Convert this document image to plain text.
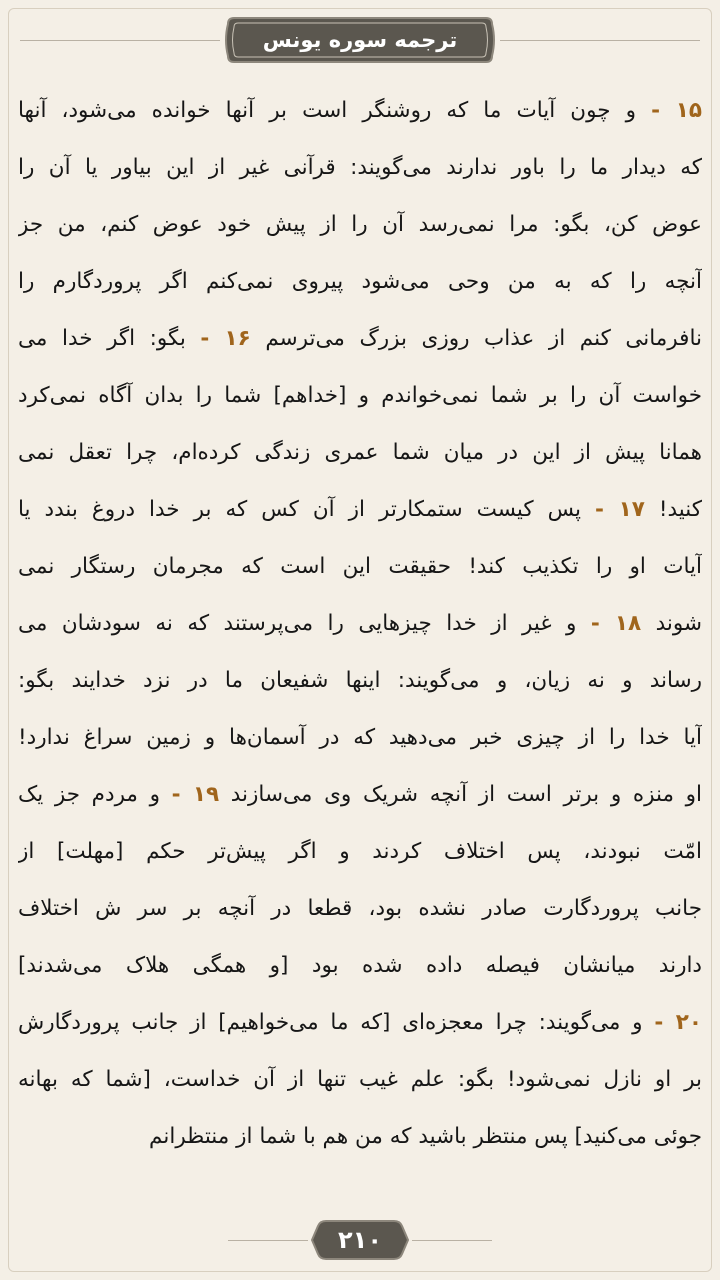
ترجمه سوره یونس
۱۵ - و چون آیات ما که روشنگر است بر آنها خوانده می‌شود، آنها
که دیدار ما را باور ندارند می‌گویند: قرآنی غیر از این بیاور یا آن را
عوض کن، بگو: مرا نمی‌رسد آن را از پیش خود عوض کنم، من جز
آنچه را که به من وحی می‌شود پیروی نمی‌کنم اگر پروردگارم را
نافرمانی کنم از عذاب روزی بزرگ می‌ترسم ۱۶ - بگو: اگر خدا می
خواست آن را بر شما نمی‌خواندم و [خداهم] شما را بدان آگاه نمی‌کرد
همانا پیش از این در میان شما عمری زندگی کرده‌ام، چرا تعقل نمی
کنید! ۱۷ - پس کیست ستمکارتر از آن کس که بر خدا دروغ بندد یا
آیات او را تکذیب کند! حقیقت این است که مجرمان رستگار نمی
شوند ۱۸ - و غیر از خدا چیزهایی را می‌پرستند که نه سودشان می
رساند و نه زیان، و می‌گویند: اینها شفیعان ما در نزد خدایند بگو:
آیا خدا را از چیزی خبر می‌دهید که در آسمان‌ها و زمین سراغ ندارد!
او منزه و برتر است از آنچه شریک وی می‌سازند ۱۹ - و مردم جز یک
امّت نبودند، پس اختلاف کردند و اگر پیش‌تر حکم [مهلت] از
جانب پروردگارت صادر نشده بود، قطعا در آنچه بر سر ش اختلاف
دارند میانشان فیصله داده شده بود [و همگی هلاک می‌شدند]
۲۰ - و می‌گویند: چرا معجزه‌ای [که ما می‌خواهیم] از جانب پروردگارش
بر او نازل نمی‌شود! بگو: علم غیب تنها از آن خداست، [شما که بهانه
جوئی می‌کنید] پس منتظر باشید که من هم با شما از منتظرانم
۲۱۰
